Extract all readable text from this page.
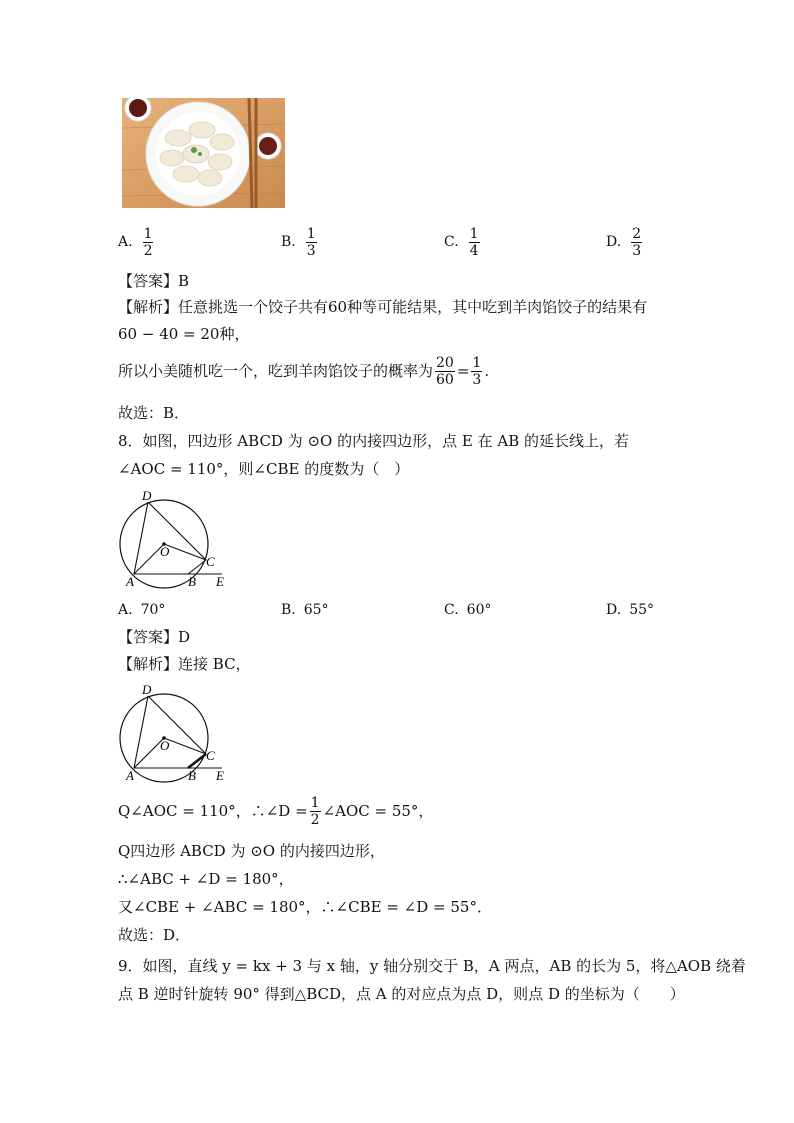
A. $\frac{1}{2}$	B. $\frac{1}{3}$	C. $\frac{1}{4}$	D. $\frac{2}{3}$
【答案】B
【解析】任意挑选一个饺子共有60种等可能结果，其中吃到羊肉馅饺子的结果有
60 − 40 = 20种，
所以小美随机吃一个，吃到羊肉馅饺子的概率为 $\frac{20}{60} = \frac{1}{3}$ .
故选：B．
8．如图，四边形 ABCD 为 ⊙O 的内接四边形，点 E 在 AB 的延长线上，若
∠AOC = 110°，则∠CBE 的度数为（　）
D
O
C
A	B E
A. 70°	B. 65°	C. 60°	D. 55°
【答案】D
【解析】连接 BC，
D
O
C
A	B E
Q∠AOC = 110°，∴∠D = $\frac{1}{2}$ ∠AOC = 55°，
Q四边形 ABCD 为 ⊙O 的内接四边形，
∴∠ABC + ∠D = 180°，
又∠CBE + ∠ABC = 180°，∴∠CBE = ∠D = 55°．
故选：D．
9．如图，直线 y = kx + 3 与 x 轴，y 轴分别交于 B，A 两点，AB 的长为 5，将△AOB 绕着
点 B 逆时针旋转 90° 得到△BCD，点 A 的对应点为点 D，则点 D 的坐标为（　　）
